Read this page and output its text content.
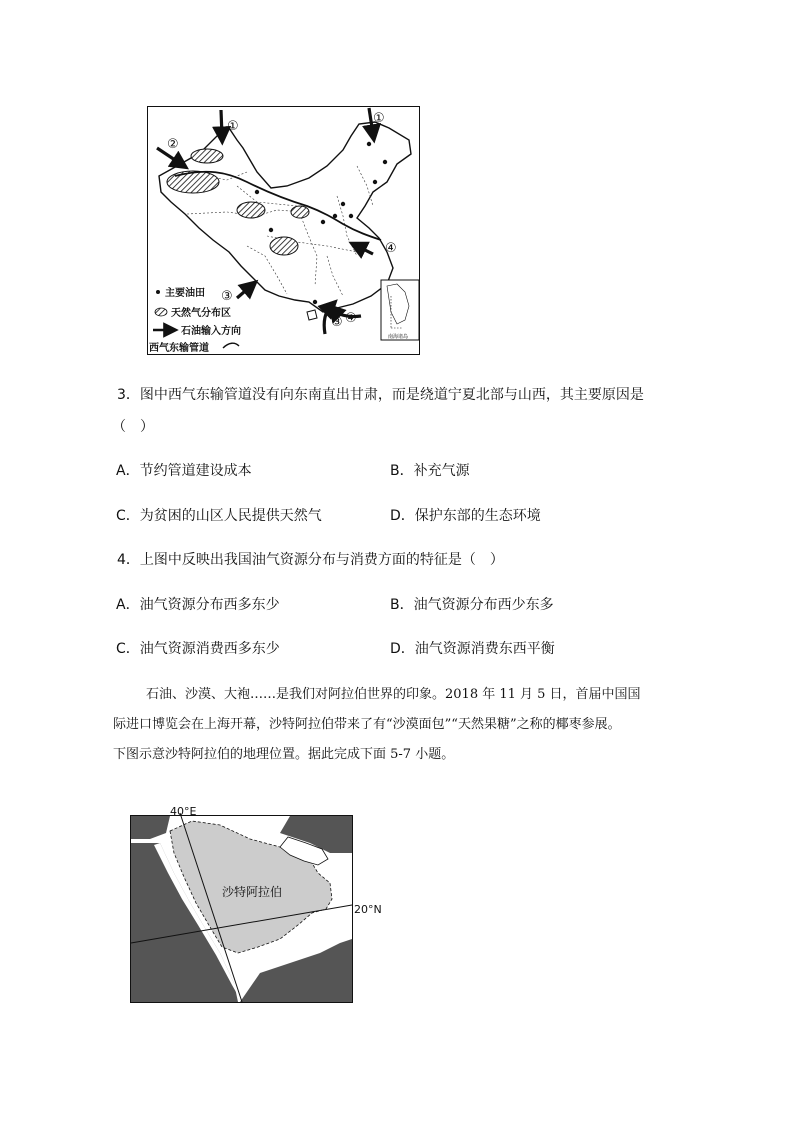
①
②
①
④
③
③ ④
主要油田
天然气分布区
石油输入方向
西气东输管道
南海诸岛
3．图中西气东输管道没有向东南直出甘肃，而是绕道宁夏北部与山西，其主要原因是
（　）
A．节约管道建设成本	B．补充气源
C．为贫困的山区人民提供天然气	D．保护东部的生态环境
4．上图中反映出我国油气资源分布与消费方面的特征是（　）
A．油气资源分布西多东少	B．油气资源分布西少东多
C．油气资源消费西多东少	D．油气资源消费东西平衡
石油、沙漠、大袍……是我们对阿拉伯世界的印象。2018 年 11 月 5 日，首届中国国
际进口博览会在上海开幕，沙特阿拉伯带来了有“沙漠面包”“天然果糖”之称的椰枣参展。
下图示意沙特阿拉伯的地理位置。据此完成下面 5-7 小题。
40°E
20°N
沙特阿拉伯
